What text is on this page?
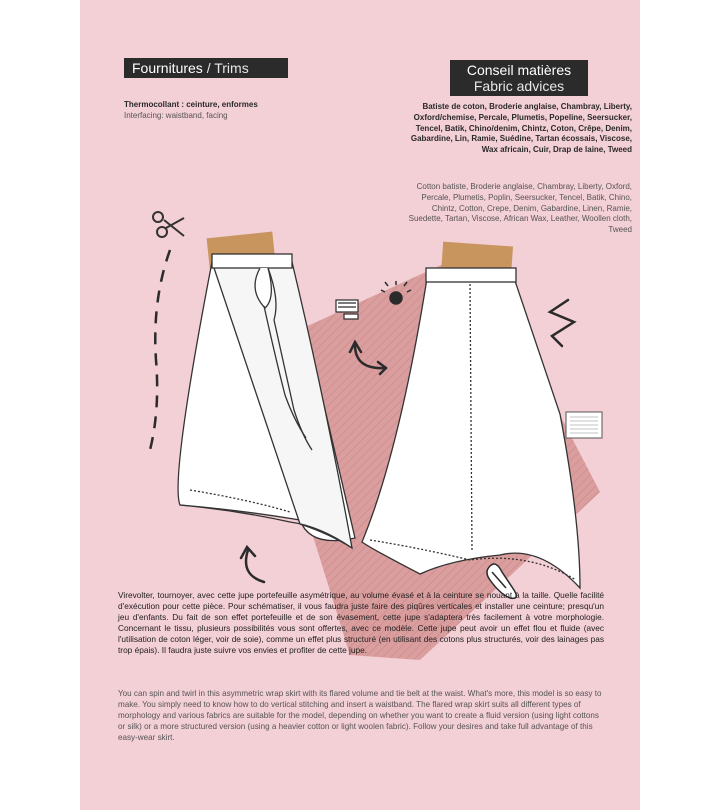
Fournitures / Trims
Thermocollant : ceinture, enformes
Interfacing: waistband, facing
Conseil matières
Fabric advices
Batiste de coton, Broderie anglaise, Chambray, Liberty, Oxford/chemise, Percale, Plumetis, Popeline, Seersucker, Tencel, Batik, Chino/denim, Chintz, Coton, Crêpe, Denim, Gabardine, Lin, Ramie, Suédine, Tartan écossais, Viscose, Wax africain, Cuir, Drap de laine, Tweed
Cotton batiste, Broderie anglaise, Chambray, Liberty, Oxford, Percale, Plumetis, Poplin, Seersucker, Tencel, Batik, Chino, Chintz, Cotton, Crepe, Denim, Gabardine, Linen, Ramie, Suedette, Tartan, Viscose, African Wax, Leather, Woollen cloth, Tweed
Virevolter, tournoyer, avec cette jupe portefeuille asymétrique, au volume évasé et à la ceinture se nouant à la taille. Quelle facilité d'exécution pour cette pièce. Pour schématiser, il vous faudra juste faire des piqûres verticales et installer une ceinture; presqu'un jeu d'enfants. Du fait de son effet portefeuille et de son évasement, cette jupe s'adaptera très facilement à votre morphologie. Concernant le tissu, plusieurs possibilités vous sont offertes, avec ce modèle. Cette jupe peut avoir un effet flou et fluide (avec l'utilisation de coton léger, voir de soie), comme un effet plus structuré (en utilisant des cotons plus structurés, voir des lainages pas trop épais). Il faudra juste suivre vos envies et profiter de cette jupe.
You can spin and twirl in this asymmetric wrap skirt with its flared volume and tie belt at the waist. What's more, this model is so easy to make. You simply need to know how to do vertical stitching and insert a waistband. The flared wrap skirt suits all different types of morphology and various fabrics are suitable for the model, depending on whether you want to create a fluid version (using light cottons or silk) or a more structured version (using a heavier cotton or light woolen fabric). Follow your desires and take full advantage of this easy-wear skirt.
